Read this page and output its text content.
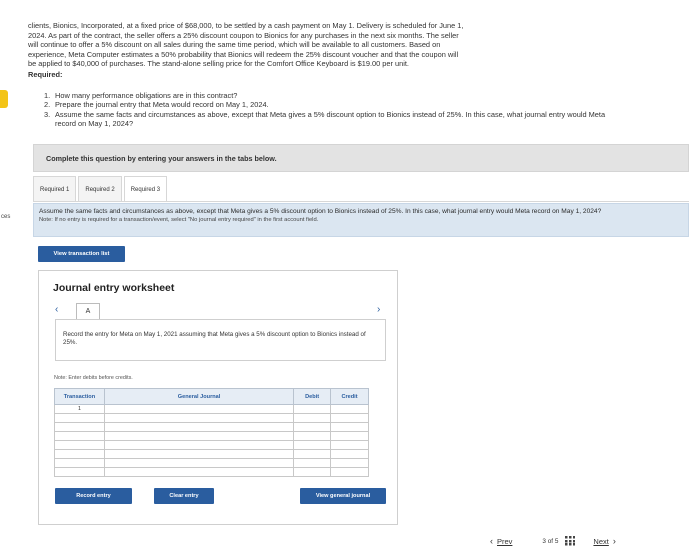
ces
clients, Bionics, Incorporated, at a fixed price of $68,000, to be settled by a cash payment on May 1. Delivery is scheduled for June 1,
2024. As part of the contract, the seller offers a 25% discount coupon to Bionics for any purchases in the next six months. The seller
will continue to offer a 5% discount on all sales during the same time period, which will be available to all customers. Based on
experience, Meta Computer estimates a 50% probability that Bionics will redeem the 25% discount voucher and that the coupon will
be applied to $40,000 of purchases. The stand-alone selling price for the Comfort Office Keyboard is $19.00 per unit.
Required:
1. How many performance obligations are in this contract?
2. Prepare the journal entry that Meta would record on May 1, 2024.
3. Assume the same facts and circumstances as above, except that Meta gives a 5% discount option to Bionics instead of 25%. In this case, what journal entry would Meta record on May 1, 2024?
Complete this question by entering your answers in the tabs below.
Required 1	Required 2	Required 3
Assume the same facts and circumstances as above, except that Meta gives a 5% discount option to Bionics instead of 25%. In this case, what journal entry would Meta record on May 1, 2024?
Note: If no entry is required for a transaction/event, select "No journal entry required" in the first account field.
View transaction list
Journal entry worksheet
‹	A	›
Record the entry for Meta on May 1, 2021 assuming that Meta gives a 5% discount option to Bionics instead of 25%.
Note: Enter debits before credits.
Transaction	General Journal	Debit	Credit
1			

Record entry	Clear entry	View general journal
‹ Prev	3 of 5	Next ›
